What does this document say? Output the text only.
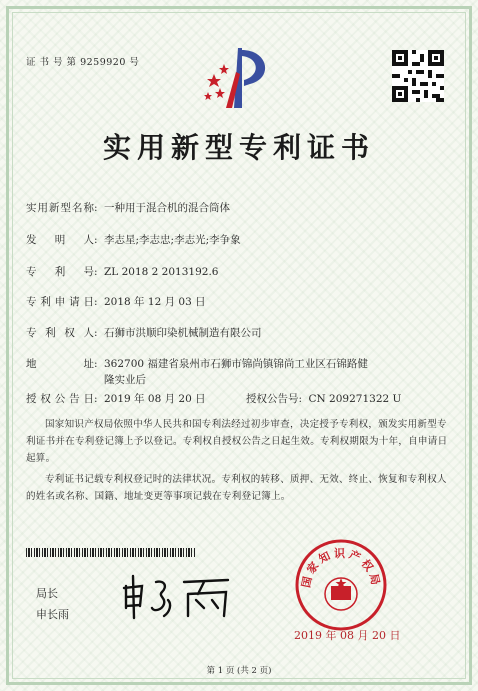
证 书 号 第 9259920 号
实用新型专利证书
实用新型名称: 一种用于混合机的混合筒体
发明人: 李志星;李志忠;李志光;李争象
专利号: ZL 2018 2 2013192.6
专利申请日: 2018 年 12 月 03 日
专利权人: 石狮市洪顺印染机械制造有限公司
地址: 362700 福建省泉州市石狮市锦尚镇锦尚工业区石锦路健
隆实业后
授权公告日: 2019 年 08 月 20 日	授权公告号: CN 209271322 U

国家知识产权局依照中华人民共和国专利法经过初步审查，决定授予专利权，颁发实用新型专利证书并在专利登记簿上予以登记。专利权自授权公告之日起生效。专利权期限为十年，自申请日起算。

专利证书记载专利权登记时的法律状况。专利权的转移、质押、无效、终止、恢复和专利权人的姓名或名称、国籍、地址变更等事项记载在专利登记簿上。

局长
申长雨
国家知识产权局
2019 年 08 月 20 日
第 1 页 (共 2 页)
